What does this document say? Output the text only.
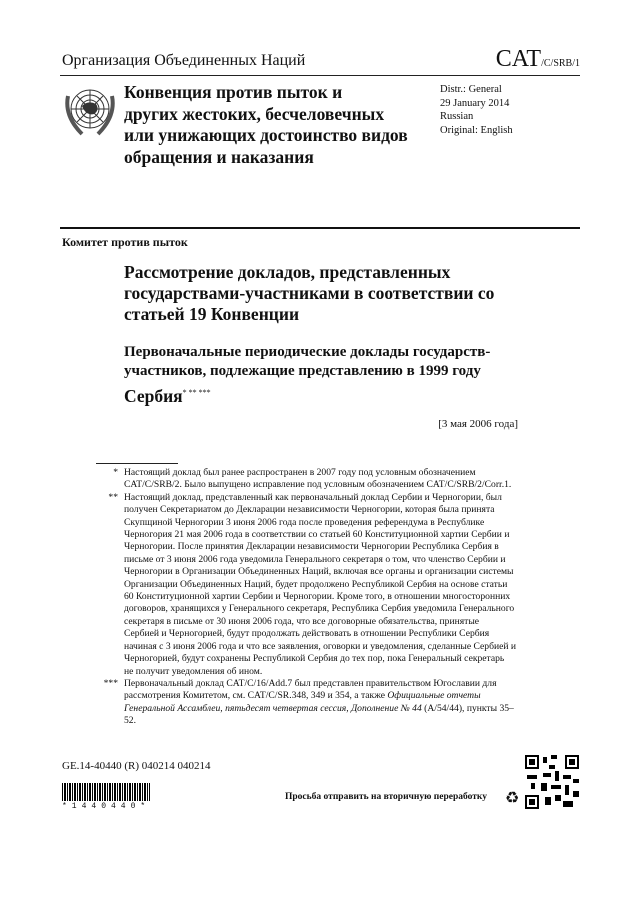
Организация Объединенных Наций	CAT/C/SRB/1
Конвенция против пыток и
других жестоких, бесчеловечных
или унижающих достоинство видов
обращения и наказания
Distr.: General
29 January 2014
Russian
Original: English
Комитет против пыток
Рассмотрение докладов, представленных государствами-участниками в соответствии со статьей 19 Конвенции
Первоначальные периодические доклады государств-участников, подлежащие представлению в 1999 году
Сербия* ** ***
[3 мая 2006 года]
* Настоящий доклад был ранее распространен в 2007 году под условным обозначением CAT/C/SRB/2. Было выпущено исправление под условным обозначением CAT/C/SRB/2/Corr.1.
** Настоящий доклад, представленный как первоначальный доклад Сербии и Черногории, был получен Секретариатом до Декларации независимости Черногории, которая была принята Скупщиной Черногории 3 июня 2006 года после проведения референдума в Республике Черногория 21 мая 2006 года в соответствии со статьей 60 Конституционной хартии Сербии и Черногории. После принятия Декларации независимости Черногории Республика Сербия в письме от 3 июня 2006 года уведомила Генерального секретаря о том, что членство Сербии и Черногории в Организации Объединенных Наций, включая все органы и организации системы Организации Объединенных Наций, будет продолжено Республикой Сербия на основе статьи 60 Конституционной хартии Сербии и Черногории. Кроме того, в отношении многосторонних договоров, хранящихся у Генерального секретаря, Республика Сербия уведомила Генерального секретаря в письме от 30 июня 2006 года, что все договорные обязательства, принятые Сербией и Черногорией, будут продолжать действовать в отношении Республики Сербия начиная с 3 июня 2006 года и что все заявления, оговорки и уведомления, сделанные Сербией и Черногорией, будут сохранены Республикой Сербия до тех пор, пока Генеральный секретарь не получит уведомления об ином.
*** Первоначальный доклад CAT/C/16/Add.7 был представлен правительством Югославии для рассмотрения Комитетом, см. CAT/C/SR.348, 349 и 354, а также Официальные отчеты Генеральной Ассамблеи, пятьдесят четвертая сессия, Дополнение № 44 (A/54/44), пункты 35–52.
GE.14-40440 (R) 040214 040214
*1440440*
Просьба отправить на вторичную переработку ♻
